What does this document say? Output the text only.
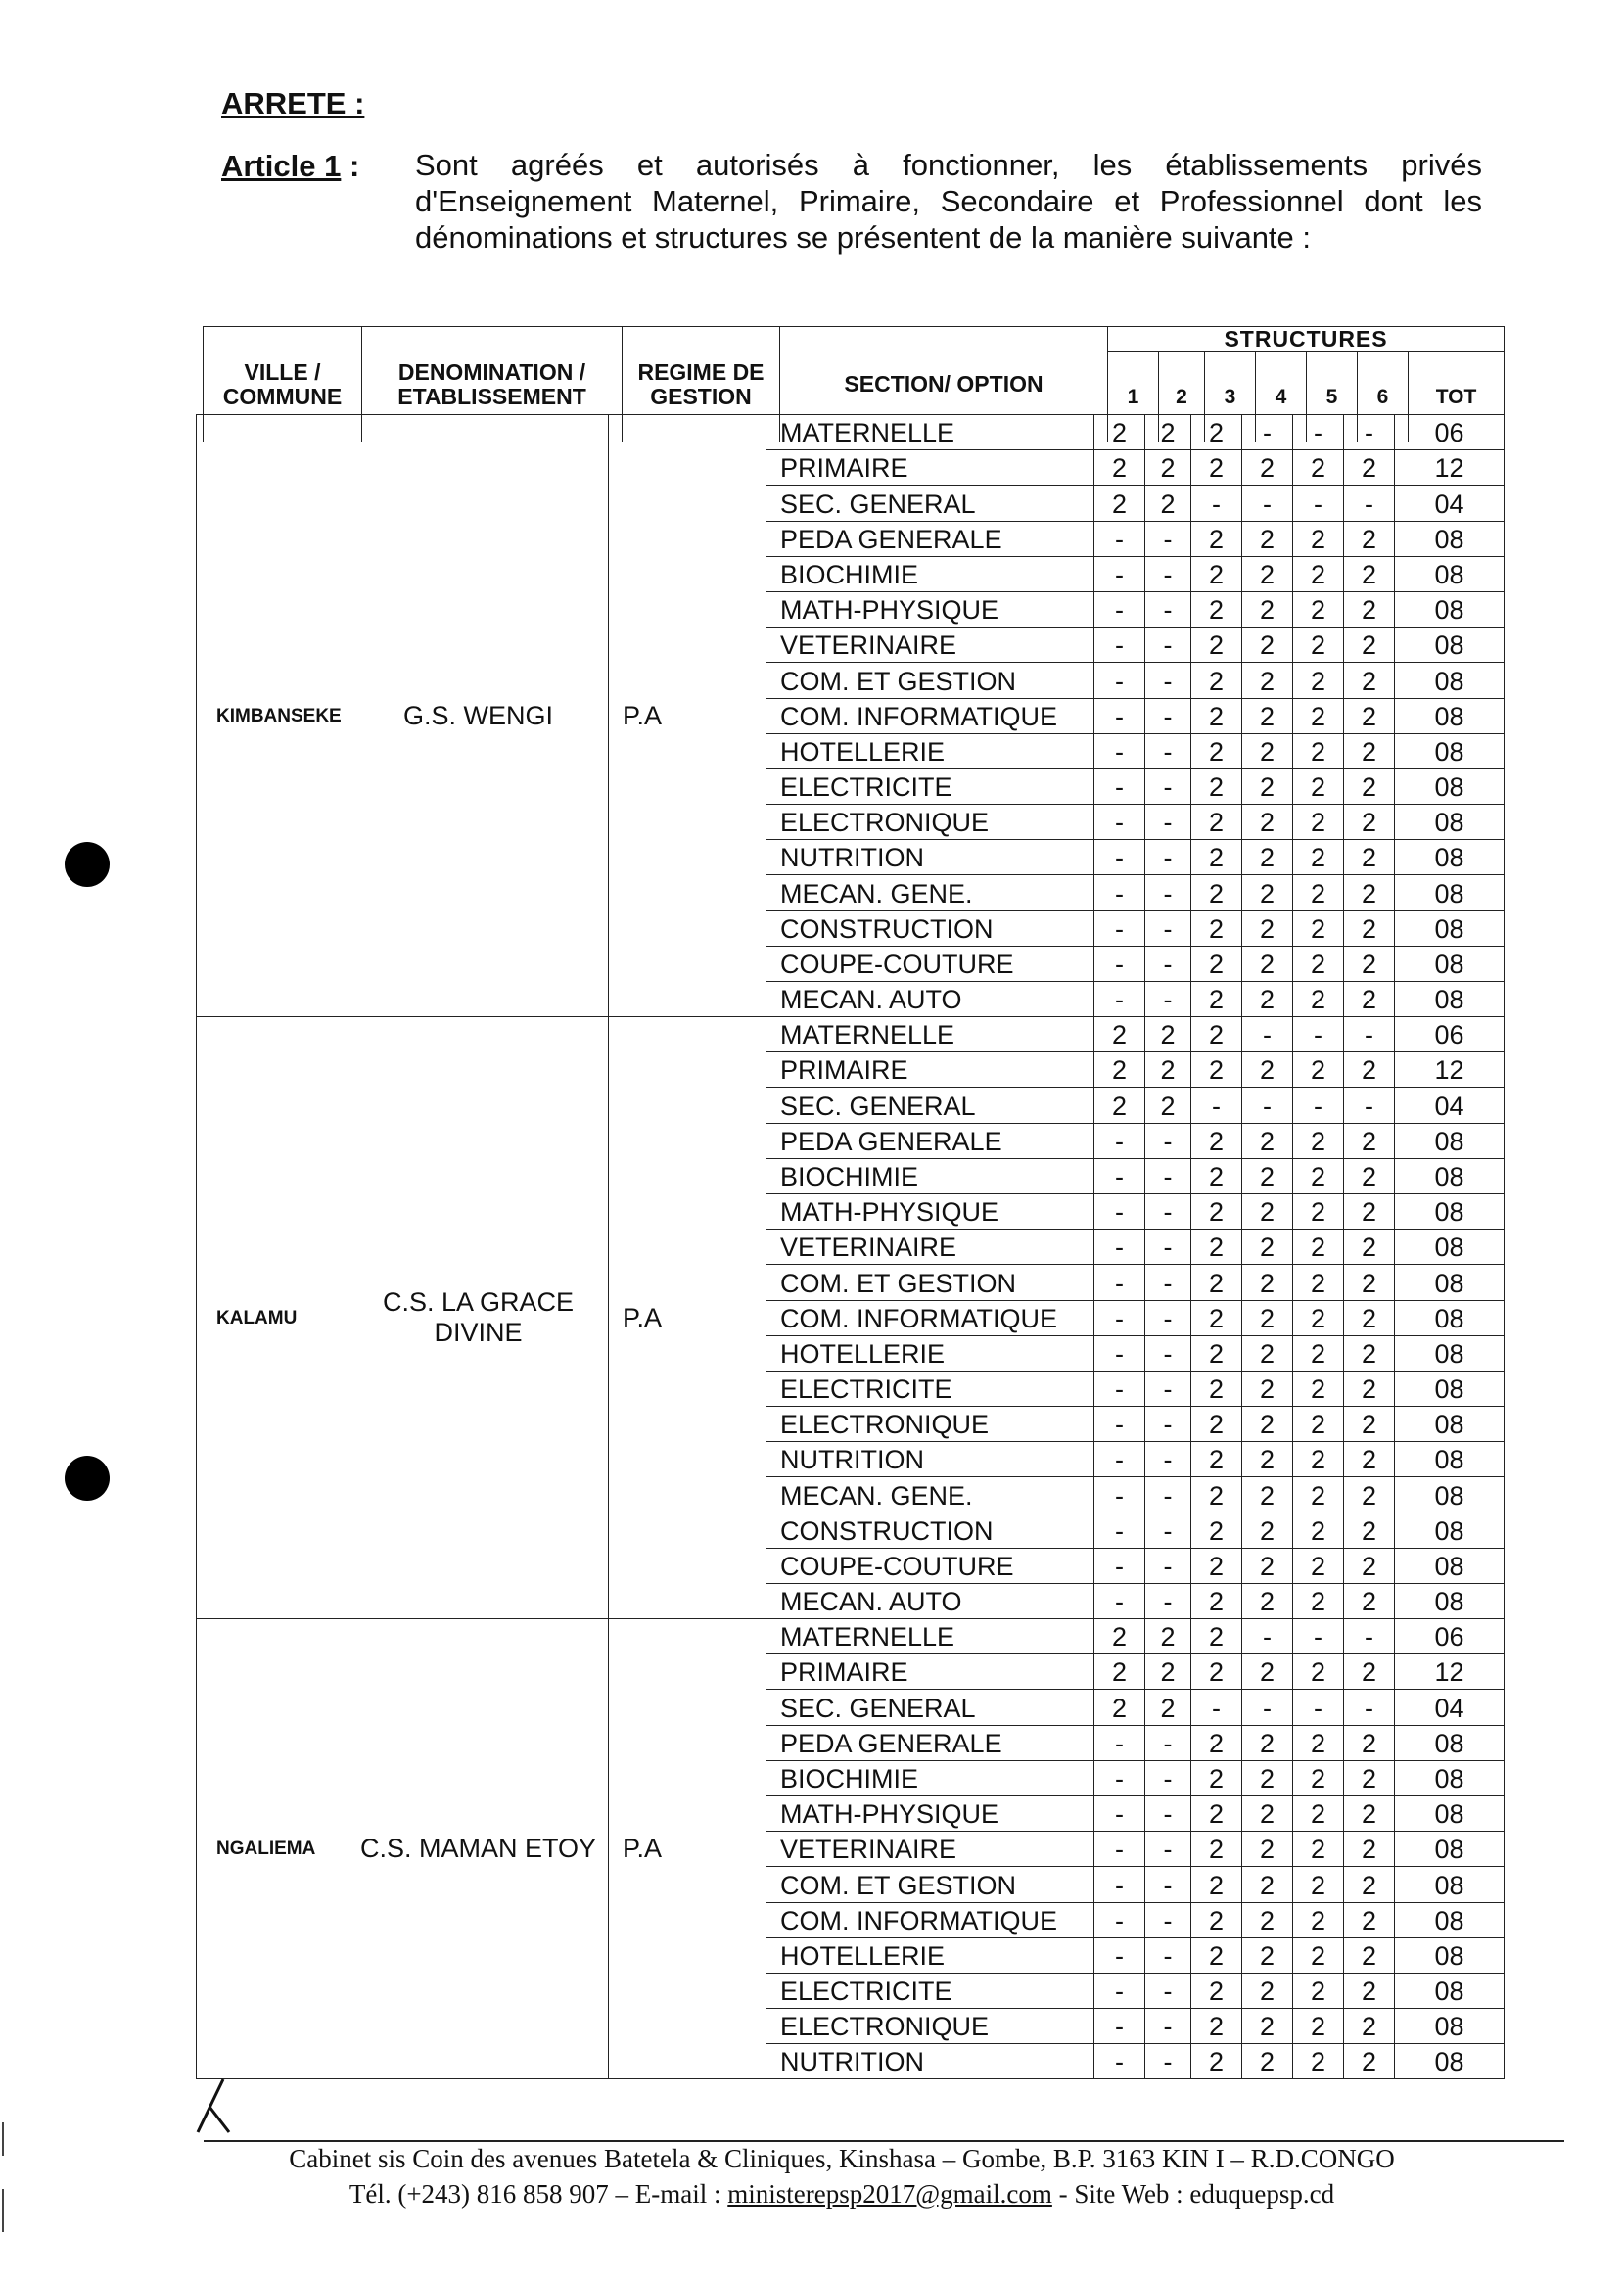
ARRETE :
Article 1 : Sont agréés et autorisés à fonctionner, les établissements privés d'Enseignement Maternel, Primaire, Secondaire et Professionnel dont les dénominations et structures se présentent de la manière suivante :
VILLE / COMMUNE	DENOMINATION / ETABLISSEMENT	REGIME DE GESTION	SECTION/ OPTION	STRUCTURES						
				1	2	3	4	5	6	TOT
KIMBANSEKE	G.S. WENGI	P.A	MATERNELLE	2	2	2	-	-	-	06
			PRIMAIRE	2	2	2	2	2	2	12
			SEC. GENERAL	2	2	-	-	-	-	04
			PEDA GENERALE	-	-	2	2	2	2	08
			BIOCHIMIE	-	-	2	2	2	2	08
			MATH-PHYSIQUE	-	-	2	2	2	2	08
			VETERINAIRE	-	-	2	2	2	2	08
			COM. ET GESTION	-	-	2	2	2	2	08
			COM. INFORMATIQUE	-	-	2	2	2	2	08
			HOTELLERIE	-	-	2	2	2	2	08
			ELECTRICITE	-	-	2	2	2	2	08
			ELECTRONIQUE	-	-	2	2	2	2	08
			NUTRITION	-	-	2	2	2	2	08
			MECAN. GENE.	-	-	2	2	2	2	08
			CONSTRUCTION	-	-	2	2	2	2	08
			COUPE-COUTURE	-	-	2	2	2	2	08
			MECAN. AUTO	-	-	2	2	2	2	08
KALAMU	C.S. LA GRACE DIVINE	P.A	MATERNELLE	2	2	2	-	-	-	06
			PRIMAIRE	2	2	2	2	2	2	12
			SEC. GENERAL	2	2	-	-	-	-	04
			PEDA GENERALE	-	-	2	2	2	2	08
			BIOCHIMIE	-	-	2	2	2	2	08
			MATH-PHYSIQUE	-	-	2	2	2	2	08
			VETERINAIRE	-	-	2	2	2	2	08
			COM. ET GESTION	-	-	2	2	2	2	08
			COM. INFORMATIQUE	-	-	2	2	2	2	08
			HOTELLERIE	-	-	2	2	2	2	08
			ELECTRICITE	-	-	2	2	2	2	08
			ELECTRONIQUE	-	-	2	2	2	2	08
			NUTRITION	-	-	2	2	2	2	08
			MECAN. GENE.	-	-	2	2	2	2	08
			CONSTRUCTION	-	-	2	2	2	2	08
			COUPE-COUTURE	-	-	2	2	2	2	08
			MECAN. AUTO	-	-	2	2	2	2	08
NGALIEMA	C.S. MAMAN ETOY	P.A	MATERNELLE	2	2	2	-	-	-	06
			PRIMAIRE	2	2	2	2	2	2	12
			SEC. GENERAL	2	2	-	-	-	-	04
			PEDA GENERALE	-	-	2	2	2	2	08
			BIOCHIMIE	-	-	2	2	2	2	08
			MATH-PHYSIQUE	-	-	2	2	2	2	08
			VETERINAIRE	-	-	2	2	2	2	08
			COM. ET GESTION	-	-	2	2	2	2	08
			COM. INFORMATIQUE	-	-	2	2	2	2	08
			HOTELLERIE	-	-	2	2	2	2	08
			ELECTRICITE	-	-	2	2	2	2	08
			ELECTRONIQUE	-	-	2	2	2	2	08
			NUTRITION	-	-	2	2	2	2	08
Cabinet sis Coin des avenues Batetela & Cliniques, Kinshasa – Gombe, B.P. 3163 KIN I – R.D.CONGO
Tél. (+243) 816 858 907 – E-mail : ministerepsp2017@gmail.com - Site Web : eduquepsp.cd
